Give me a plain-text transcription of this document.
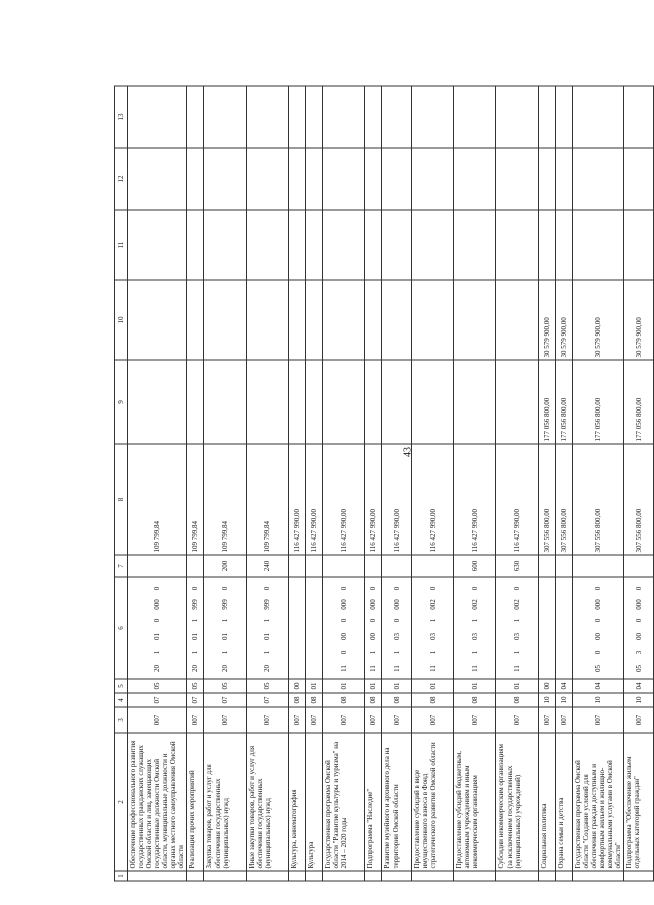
43
1	2	3	4	5	6	7	8	9	10	11	12	13
	Обеспечение профессионального развития государственных гражданских служащих Омской области и лиц, замещающих государственные должности Омской области, муниципальные должности и органах местного самоуправления Омской области	007	07	05	2010100000		109 799,84					
	Реализация прочих мероприятий	007	07	05	2010119990		109 799,84					
	Закупка товаров, работ и услуг для обеспечения государственных (муниципальных) нужд	007	07	05	2010119990	200	109 799,84					
	Иные закупки товаров, работ и услуг для обеспечения государственных (муниципальных) нужд	007	07	05	2010119990	240	109 799,84					
	Культура, кинематография	007	08	00			116 427 990,00					
	Культура	007	08	01			116 427 990,00					
	Государственная программа Омской области "Развитие культуры и туризма" на 2014 – 2020 годы	007	08	01	1100000000		116 427 990,00					
	Подпрограмма "Наследие"	007	08	01	1110000000		116 427 990,00					
	Развитие музейного и архивного дела на территории Омской области	007	08	01	1110300000		116 427 990,00					
	Предоставление субсидий в виде имущественного взноса в Фонд стратегического развития Омской области	007	08	01	1110310020		116 427 990,00					
	Предоставление субсидий бюджетным, автономным учреждениям и иным некоммерческим организациям	007	08	01	1110310020	600	116 427 990,00					
	Субсидии некоммерческим организациям (за исключением государственных (муниципальных) учреждений)	007	08	01	1110310020	630	116 427 990,00					
	Социальная политика	007	10	00			307 556 800,00	177 056 800,00	30 579 900,00			
	Охрана семьи и детства	007	10	04			307 556 800,00	177 056 800,00	30 579 900,00			
	Государственная программа Омской области "Создание условий для обеспечения граждан доступным и комфортным жильем и жилищно-коммунальными услугами в Омской области"	007	10	04	0500000000		307 556 800,00	177 056 800,00	30 579 900,00			
	Подпрограмма "Обеспечение жильем отдельных категорий граждан"	007	10	04	0530000000		307 556 800,00	177 056 800,00	30 579 900,00			
